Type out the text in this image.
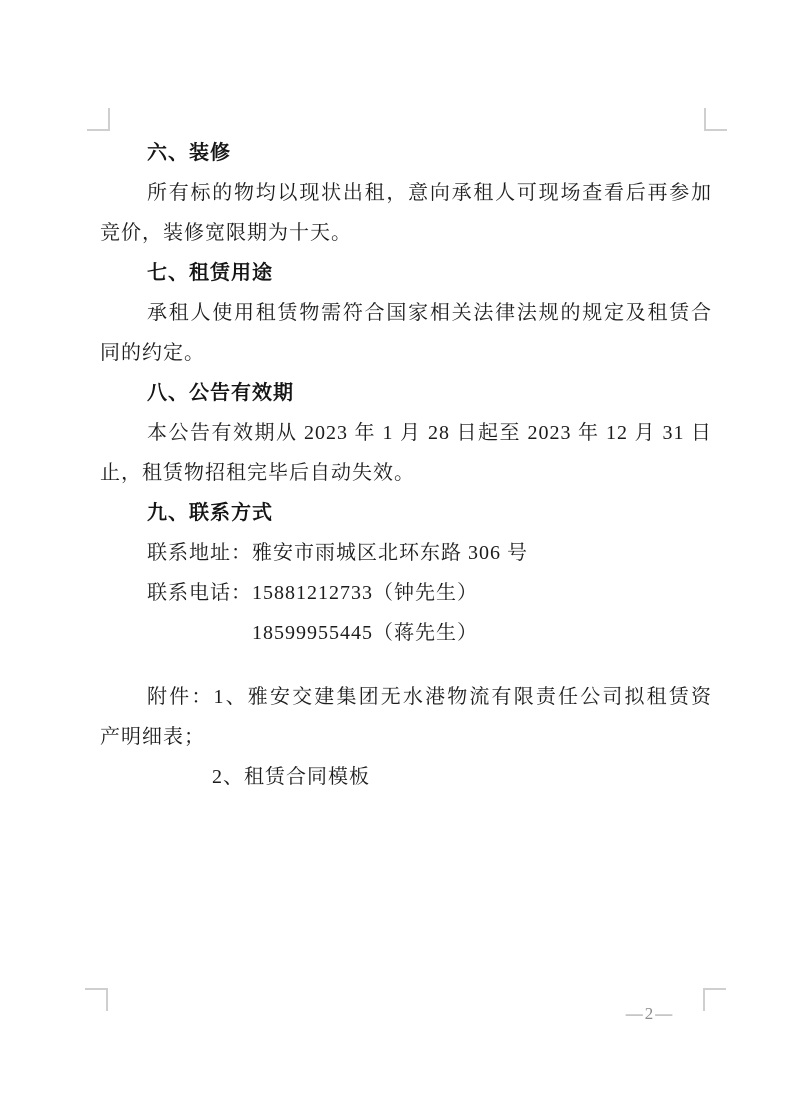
六、装修
所有标的物均以现状出租，意向承租人可现场查看后再参加
竞价，装修宽限期为十天。
七、租赁用途
承租人使用租赁物需符合国家相关法律法规的规定及租赁合
同的约定。
八、公告有效期
本公告有效期从 2023 年 1 月 28 日起至 2023 年 12 月 31 日
止，租赁物招租完毕后自动失效。
九、联系方式
联系地址：雅安市雨城区北环东路 306 号
联系电话：15881212733（钟先生）
18599955445（蒋先生）
附件：1、雅安交建集团无水港物流有限责任公司拟租赁资
产明细表；
2、租赁合同模板
—2—
